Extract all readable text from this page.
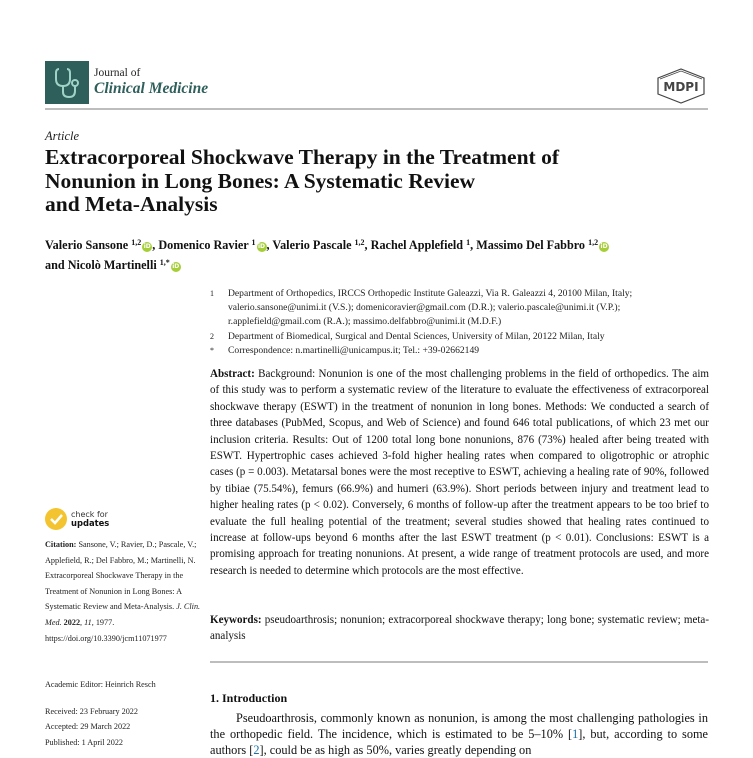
Journal of
Clinical Medicine	MDPI
Article
Extracorporeal Shockwave Therapy in the Treatment of
Nonunion in Long Bones: A Systematic Review
and Meta-Analysis
Valerio Sansone $^{1,2}$ iD, Domenico Ravier $^1$ iD, Valerio Pascale $^{1,2}$, Rachel Applefield $^1$, Massimo Del Fabbro $^{1,2}$ iD
and Nicolò Martinelli $^{1,*}$ iD
1	Department of Orthopedics, IRCCS Orthopedic Institute Galeazzi, Via R. Galeazzi 4, 20100 Milan, Italy;
valerio.sansone@unimi.it (V.S.); domenicoravier@gmail.com (D.R.); valerio.pascale@unimi.it (V.P.);
r.applefield@gmail.com (R.A.); massimo.delfabbro@unimi.it (M.D.F.)
2	Department of Biomedical, Surgical and Dental Sciences, University of Milan, 20122 Milan, Italy
*	Correspondence: n.martinelli@unicampus.it; Tel.: +39-02662149
Abstract: Background: Nonunion is one of the most challenging problems in the field of orthopedics. The aim of this study was to perform a systematic review of the literature to evaluate the effectiveness of extracorporeal shockwave therapy (ESWT) in the treatment of nonunion in long bones. Methods: We conducted a search of three databases (PubMed, Scopus, and Web of Science) and found 646 total publications, of which 23 met our inclusion criteria. Results: Out of 1200 total long bone nonunions, 876 (73%) healed after being treated with ESWT. Hypertrophic cases achieved 3-fold higher healing rates when compared to oligotrophic or atrophic cases (p = 0.003). Metatarsal bones were the most receptive to ESWT, achieving a healing rate of 90%, followed by tibiae (75.54%), femurs (66.9%) and humeri (63.9%). Short periods between injury and treatment lead to higher healing rates (p < 0.02). Conversely, 6 months of follow-up after the treatment appears to be too brief to evaluate the full healing potential of the treatment; several studies showed that healing rates continued to increase at follow-ups beyond 6 months after the last ESWT treatment (p < 0.01). Conclusions: ESWT is a promising approach for treating nonunions. At present, a wide range of treatment protocols are used, and more research is needed to determine which protocols are the most effective.
Keywords: pseudoarthrosis; nonunion; extracorporeal shockwave therapy; long bone; systematic review; meta-analysis
1. Introduction
Pseudoarthrosis, commonly known as nonunion, is among the most challenging pathologies in the orthopedic field. The incidence, which is estimated to be 5–10% [1], but, according to some authors [2], could be as high as 50%, varies greatly depending on
check for
updates
Citation: Sansone, V.; Ravier, D.; Pascale, V.; Applefield, R.; Del Fabbro, M.; Martinelli, N. Extracorporeal Shockwave Therapy in the Treatment of Nonunion in Long Bones: A Systematic Review and Meta-Analysis. J. Clin. Med. 2022, 11, 1977. https://doi.org/10.3390/jcm11071977
Academic Editor: Heinrich Resch
Received: 23 February 2022
Accepted: 29 March 2022
Published: 1 April 2022
